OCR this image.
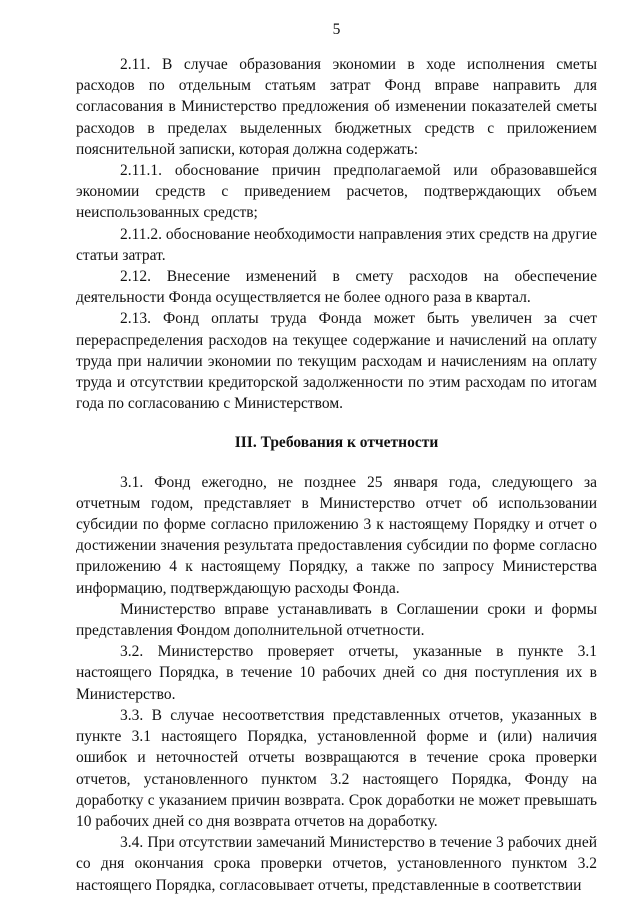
5

2.11. В случае образования экономии в ходе исполнения сметы расходов по отдельным статьям затрат Фонд вправе направить для согласования в Министерство предложения об изменении показателей сметы расходов в пределах выделенных бюджетных средств с приложением пояснительной записки, которая должна содержать:

2.11.1. обоснование причин предполагаемой или образовавшейся экономии средств с приведением расчетов, подтверждающих объем неиспользованных средств;

2.11.2. обоснование необходимости направления этих средств на другие статьи затрат.

2.12. Внесение изменений в смету расходов на обеспечение деятельности Фонда осуществляется не более одного раза в квартал.

2.13. Фонд оплаты труда Фонда может быть увеличен за счет перераспределения расходов на текущее содержание и начислений на оплату труда при наличии экономии по текущим расходам и начислениям на оплату труда и отсутствии кредиторской задолженности по этим расходам по итогам года по согласованию с Министерством.

III. Требования к отчетности

3.1. Фонд ежегодно, не позднее 25 января года, следующего за отчетным годом, представляет в Министерство отчет об использовании субсидии по форме согласно приложению 3 к настоящему Порядку и отчет о достижении значения результата предоставления субсидии по форме согласно приложению 4 к настоящему Порядку, а также по запросу Министерства информацию, подтверждающую расходы Фонда.

Министерство вправе устанавливать в Соглашении сроки и формы представления Фондом дополнительной отчетности.

3.2. Министерство проверяет отчеты, указанные в пункте 3.1 настоящего Порядка, в течение 10 рабочих дней со дня поступления их в Министерство.

3.3. В случае несоответствия представленных отчетов, указанных в пункте 3.1 настоящего Порядка, установленной форме и (или) наличия ошибок и неточностей отчеты возвращаются в течение срока проверки отчетов, установленного пунктом 3.2 настоящего Порядка, Фонду на доработку с указанием причин возврата. Срок доработки не может превышать 10 рабочих дней со дня возврата отчетов на доработку.

3.4. При отсутствии замечаний Министерство в течение 3 рабочих дней со дня окончания срока проверки отчетов, установленного пунктом 3.2 настоящего Порядка, согласовывает отчеты, представленные в соответствии
